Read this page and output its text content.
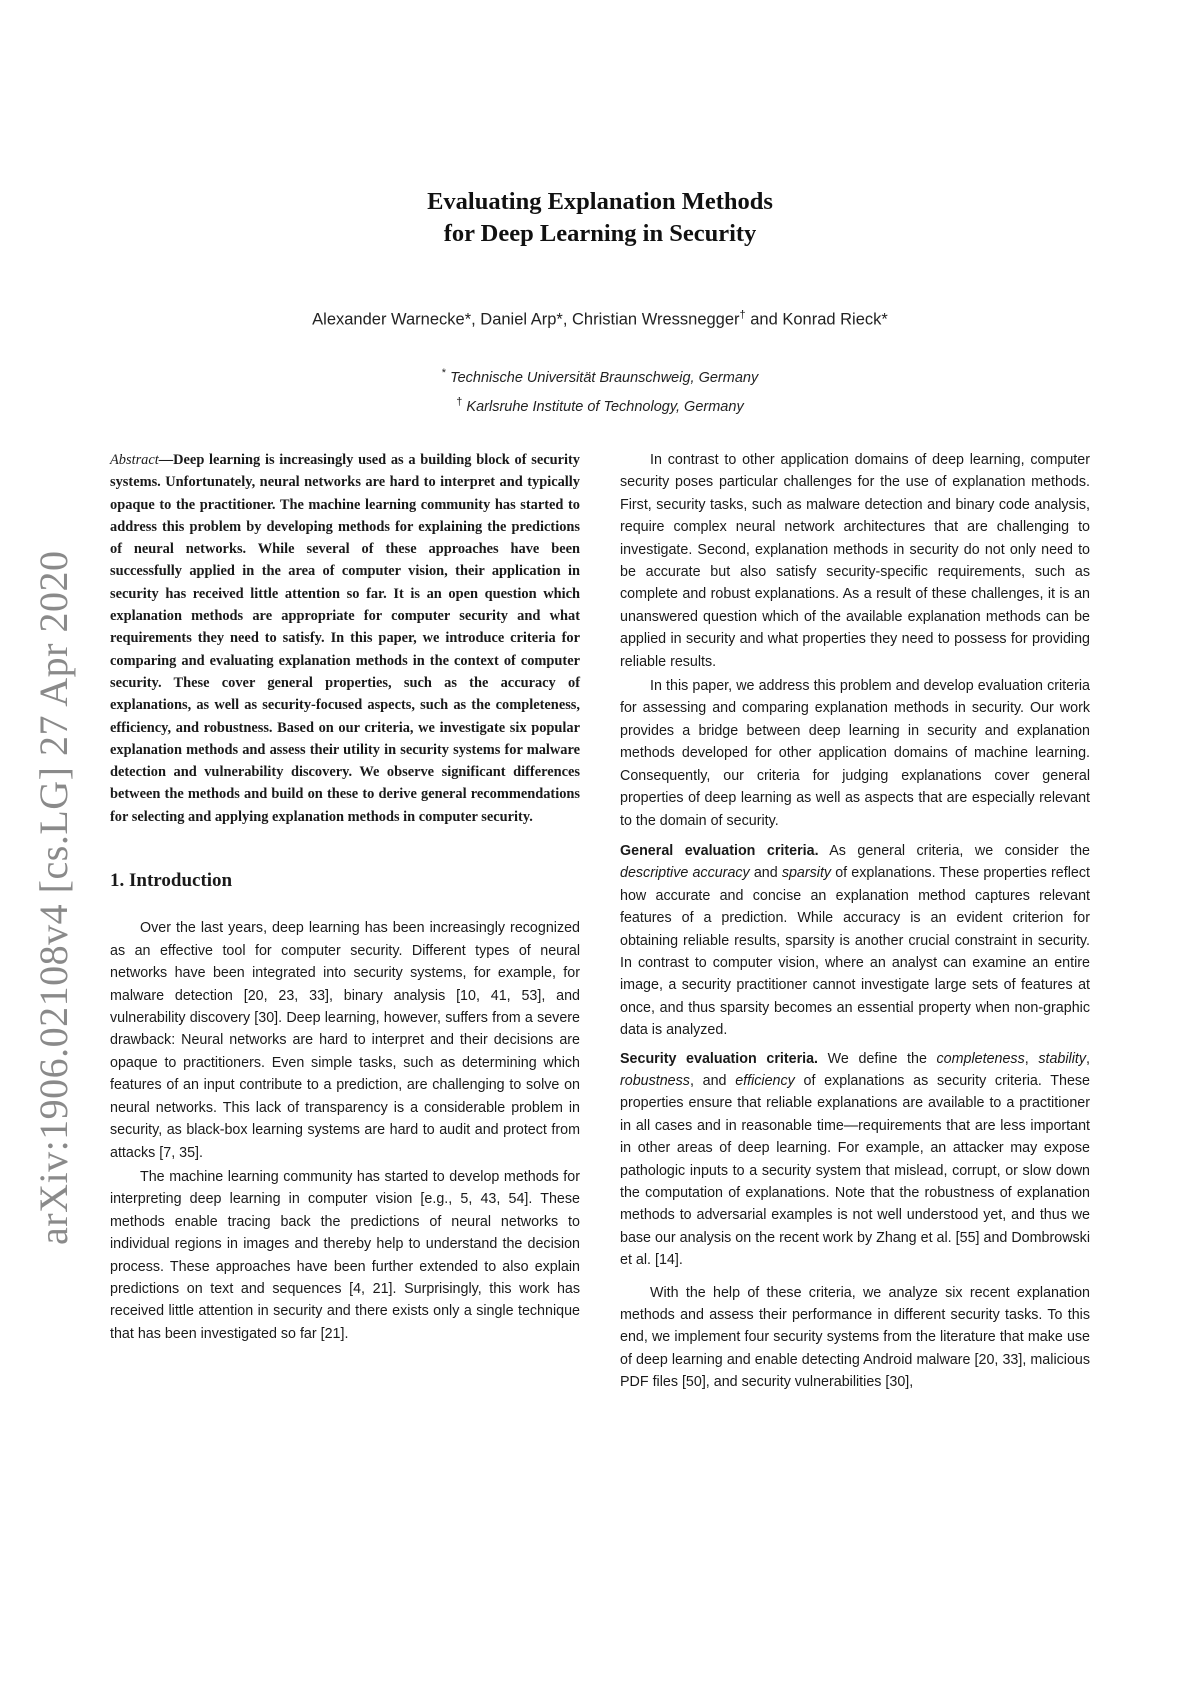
arXiv:1906.02108v4 [cs.LG] 27 Apr 2020
Evaluating Explanation Methods
for Deep Learning in Security
Alexander Warnecke*, Daniel Arp*, Christian Wressnegger† and Konrad Rieck*
* Technische Universität Braunschweig, Germany
† Karlsruhe Institute of Technology, Germany

Abstract—Deep learning is increasingly used as a building block of security systems. Unfortunately, neural networks are hard to interpret and typically opaque to the practitioner. The machine learning community has started to address this problem by developing methods for explaining the predictions of neural networks. While several of these approaches have been successfully applied in the area of computer vision, their application in security has received little attention so far. It is an open question which explanation methods are appropriate for computer security and what requirements they need to satisfy. In this paper, we introduce criteria for comparing and evaluating explanation methods in the context of computer security. These cover general properties, such as the accuracy of explanations, as well as security-focused aspects, such as the completeness, efficiency, and robustness. Based on our criteria, we investigate six popular explanation methods and assess their utility in security systems for malware detection and vulnerability discovery. We observe significant differences between the methods and build on these to derive general recommendations for selecting and applying explanation methods in computer security.

1. Introduction

Over the last years, deep learning has been increasingly recognized as an effective tool for computer security. Different types of neural networks have been integrated into security systems, for example, for malware detection [20, 23, 33], binary analysis [10, 41, 53], and vulnerability discovery [30]. Deep learning, however, suffers from a severe drawback: Neural networks are hard to interpret and their decisions are opaque to practitioners. Even simple tasks, such as determining which features of an input contribute to a prediction, are challenging to solve on neural networks. This lack of transparency is a considerable problem in security, as black-box learning systems are hard to audit and protect from attacks [7, 35].

The machine learning community has started to develop methods for interpreting deep learning in computer vision [e.g., 5, 43, 54]. These methods enable tracing back the predictions of neural networks to individual regions in images and thereby help to understand the decision process. These approaches have been further extended to also explain predictions on text and sequences [4, 21]. Surprisingly, this work has received little attention in security and there exists only a single technique that has been investigated so far [21].

In contrast to other application domains of deep learning, computer security poses particular challenges for the use of explanation methods. First, security tasks, such as malware detection and binary code analysis, require complex neural network architectures that are challenging to investigate. Second, explanation methods in security do not only need to be accurate but also satisfy security-specific requirements, such as complete and robust explanations. As a result of these challenges, it is an unanswered question which of the available explanation methods can be applied in security and what properties they need to possess for providing reliable results.

In this paper, we address this problem and develop evaluation criteria for assessing and comparing explanation methods in security. Our work provides a bridge between deep learning in security and explanation methods developed for other application domains of machine learning. Consequently, our criteria for judging explanations cover general properties of deep learning as well as aspects that are especially relevant to the domain of security.

General evaluation criteria. As general criteria, we consider the descriptive accuracy and sparsity of explanations. These properties reflect how accurate and concise an explanation method captures relevant features of a prediction. While accuracy is an evident criterion for obtaining reliable results, sparsity is another crucial constraint in security. In contrast to computer vision, where an analyst can examine an entire image, a security practitioner cannot investigate large sets of features at once, and thus sparsity becomes an essential property when non-graphic data is analyzed.

Security evaluation criteria. We define the completeness, stability, robustness, and efficiency of explanations as security criteria. These properties ensure that reliable explanations are available to a practitioner in all cases and in reasonable time—requirements that are less important in other areas of deep learning. For example, an attacker may expose pathologic inputs to a security system that mislead, corrupt, or slow down the computation of explanations. Note that the robustness of explanation methods to adversarial examples is not well understood yet, and thus we base our analysis on the recent work by Zhang et al. [55] and Dombrowski et al. [14].

With the help of these criteria, we analyze six recent explanation methods and assess their performance in different security tasks. To this end, we implement four security systems from the literature that make use of deep learning and enable detecting Android malware [20, 33], malicious PDF files [50], and security vulnerabilities [30],
